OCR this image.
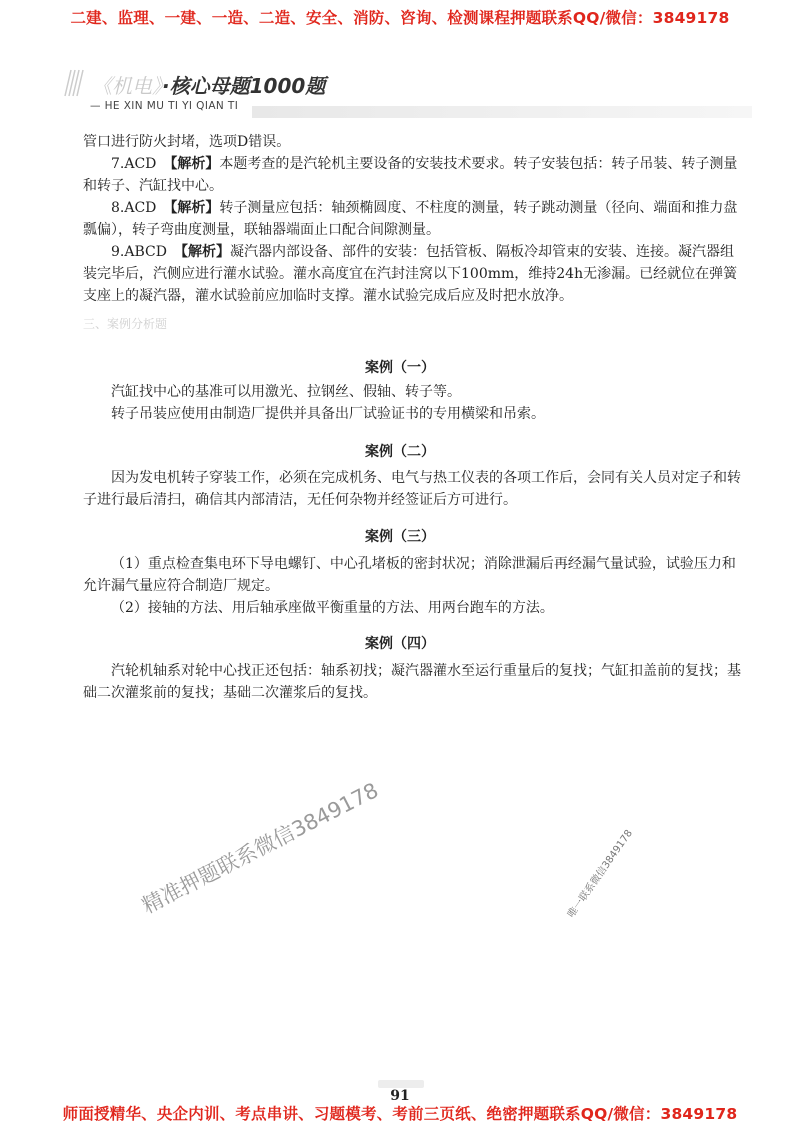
二建、监理、一建、一造、二造、安全、消防、咨询、检测课程押题联系QQ/微信：3849178
《机电》·核心母题1000题
— HE XIN MU TI YI QIAN TI

管口进行防火封堵，选项D错误。

7.ACD　 【解析】本题考查的是汽轮机主要设备的安装技术要求。转子安装包括：转子吊装、转子测量和转子、汽缸找中心。

8.ACD　 【解析】转子测量应包括：轴颈椭圆度、不柱度的测量，转子跳动测量（径向、端面和推力盘瓢偏），转子弯曲度测量，联轴器端面止口配合间隙测量。

9.ABCD　 【解析】凝汽器内部设备、部件的安装：包括管板、隔板冷却管束的安装、连接。凝汽器组装完毕后，汽侧应进行灌水试验。灌水高度宜在汽封洼窝以下100mm，维持24h无渗漏。已经就位在弹簧支座上的凝汽器，灌水试验前应加临时支撑。灌水试验完成后应及时把水放净。

三、案例分析题
案例（一）

汽缸找中心的基准可以用激光、拉钢丝、假轴、转子等。

转子吊装应使用由制造厂提供并具备出厂试验证书的专用横梁和吊索。

案例（二）

因为发电机转子穿装工作，必须在完成机务、电气与热工仪表的各项工作后，会同有关人员对定子和转子进行最后清扫，确信其内部清洁，无任何杂物并经签证后方可进行。

案例（三）

（1）重点检查集电环下导电螺钉、中心孔堵板的密封状况；消除泄漏后再经漏气量试验，试验压力和允许漏气量应符合制造厂规定。

（2）接轴的方法、用后轴承座做平衡重量的方法、用两台跑车的方法。

案例（四）

汽轮机轴系对轮中心找正还包括：轴系初找；凝汽器灌水至运行重量后的复找；气缸扣盖前的复找；基础二次灌浆前的复找；基础二次灌浆后的复找。

精准押题联系微信3849178	唯一联系微信3849178
91
师面授精华、央企内训、考点串讲、习题模考、考前三页纸、绝密押题联系QQ/微信：3849178
